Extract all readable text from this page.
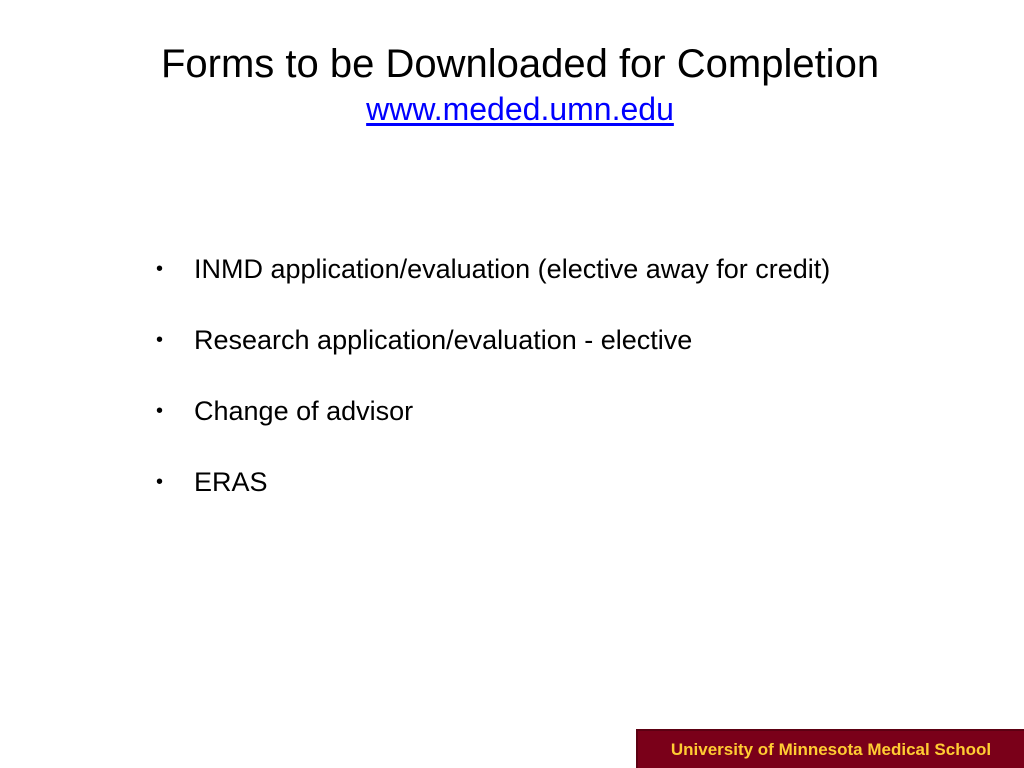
Forms to be Downloaded for Completion
www.meded.umn.edu
•	INMD application/evaluation (elective away for credit)
•	Research application/evaluation - elective
•	Change of advisor
•	ERAS
University of Minnesota Medical School
